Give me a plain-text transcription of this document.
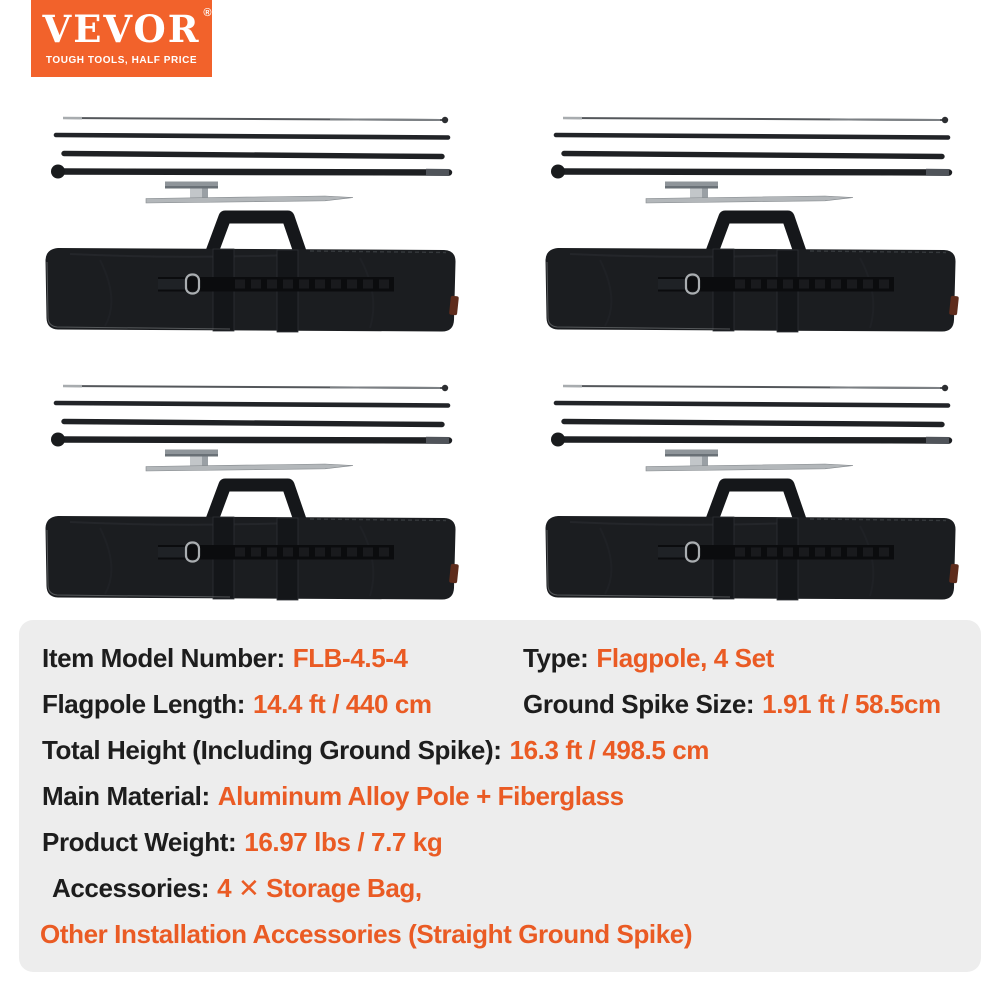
VEVOR ®
TOUGH TOOLS, HALF PRICE
Item Model Number: FLB-4.5-4	Type: Flagpole, 4 Set
Flagpole Length: 14.4 ft / 440 cm	Ground Spike Size: 1.91 ft / 58.5cm
Total Height (Including Ground Spike): 16.3 ft / 498.5 cm
Main Material: Aluminum Alloy Pole + Fiberglass
Product Weight: 16.97 lbs / 7.7 kg
Accessories: 4 ✕ Storage Bag,
Other Installation Accessories (Straight Ground Spike)
